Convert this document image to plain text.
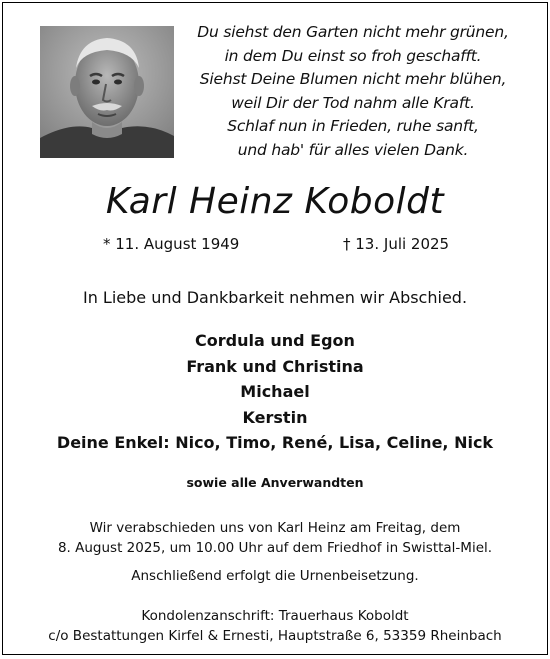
Du siehst den Garten nicht mehr grünen,
in dem Du einst so froh geschafft.
Siehst Deine Blumen nicht mehr blühen,
weil Dir der Tod nahm alle Kraft.
Schlaf nun in Frieden, ruhe sanft,
und hab' für alles vielen Dank.
Karl Heinz Koboldt
* 11. August 1949	† 13. Juli 2025
In Liebe und Dankbarkeit nehmen wir Abschied.
Cordula und Egon
Frank und Christina
Michael
Kerstin
Deine Enkel: Nico, Timo, René, Lisa, Celine, Nick
sowie alle Anverwandten
Wir verabschieden uns von Karl Heinz am Freitag, dem
8. August 2025, um 10.00 Uhr auf dem Friedhof in Swisttal-Miel.
Anschließend erfolgt die Urnenbeisetzung.
Kondolenzanschrift: Trauerhaus Koboldt
c/o Bestattungen Kirfel & Ernesti, Hauptstraße 6, 53359 Rheinbach
